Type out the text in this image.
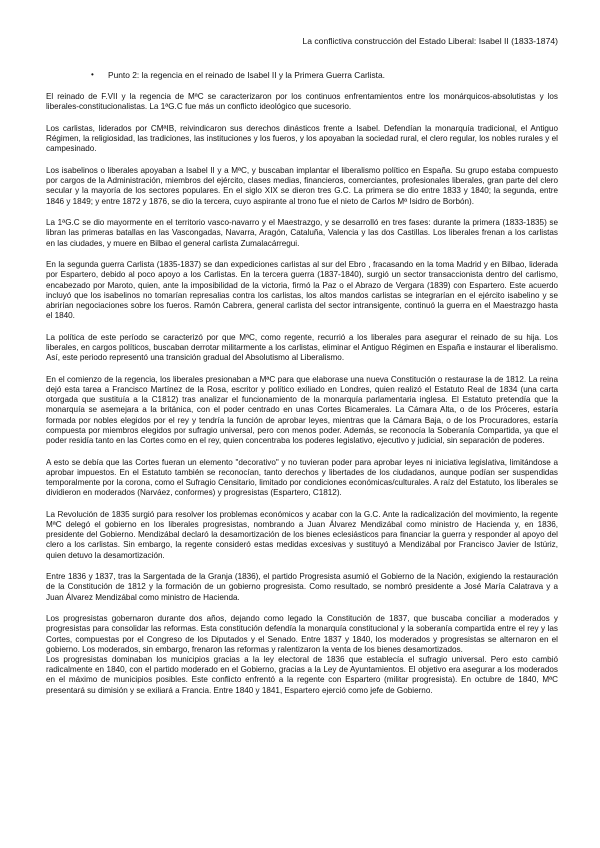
La conflictiva construcción del Estado Liberal: Isabel II (1833-1874)
•	Punto 2: la regencia en el reinado de Isabel II y la Primera Guerra Carlista.

El reinado de F.VII y la regencia de MªC se caracterizaron por los continuos enfrentamientos entre los monárquicos-absolutistas y los liberales-constitucionalistas. La 1ªG.C fue más un conflicto ideológico que sucesorio.

Los carlistas, liderados por CMªIB, reivindicaron sus derechos dinásticos frente a Isabel. Defendían la monarquía tradicional, el Antiguo Régimen, la religiosidad, las tradiciones, las instituciones y los fueros, y los apoyaban la sociedad rural, el clero regular, los nobles rurales y el campesinado.

Los isabelinos o liberales apoyaban a Isabel II y a MªC, y buscaban implantar el liberalismo político en España. Su grupo estaba compuesto por cargos de la Administración, miembros del ejército, clases medias, financieros, comerciantes, profesionales liberales, gran parte del clero secular y la mayoría de los sectores populares. En el siglo XIX se dieron tres G.C. La primera se dio entre 1833 y 1840; la segunda, entre 1846 y 1849; y entre 1872 y 1876, se dio la tercera, cuyo aspirante al trono fue el nieto de Carlos Mª Isidro de Borbón).

La 1ªG.C se dio mayormente en el territorio vasco-navarro y el Maestrazgo, y se desarrolló en tres fases: durante la primera (1833-1835) se libran las primeras batallas en las Vascongadas, Navarra, Aragón, Cataluña, Valencia y las dos Castillas. Los liberales frenan a los carlistas en las ciudades, y muere en Bilbao el general carlista Zumalacárregui.

En la segunda guerra Carlista (1835-1837) se dan expediciones carlistas al sur del Ebro , fracasando en la toma Madrid y en Bilbao, liderada por Espartero, debido al poco apoyo a los Carlistas. En la tercera guerra (1837-1840), surgió un sector transaccionista dentro del carlismo, encabezado por Maroto, quien, ante la imposibilidad de la victoria, firmó la Paz o el Abrazo de Vergara (1839) con Espartero. Este acuerdo incluyó que los isabelinos no tomarían represalias contra los carlistas, los altos mandos carlistas se integrarían en el ejército isabelino y se abrirían negociaciones sobre los fueros. Ramón Cabrera, general carlista del sector intransigente, continuó la guerra en el Maestrazgo hasta el 1840.

La política de este período se caracterizó por que MªC, como regente, recurrió a los liberales para asegurar el reinado de su hija. Los liberales, en cargos políticos, buscaban derrotar militarmente a los carlistas, eliminar el Antiguo Régimen en España e instaurar el liberalismo. Así, este periodo representó una transición gradual del Absolutismo al Liberalismo.

En el comienzo de la regencia, los liberales presionaban a MªC para que elaborase una nueva Constitución o restaurase la de 1812. La reina dejó esta tarea a Francisco Martínez de la Rosa, escritor y político exiliado en Londres, quien realizó el Estatuto Real de 1834 (una carta otorgada que sustituía a la C1812) tras analizar el funcionamiento de la monarquía parlamentaria inglesa. El Estatuto pretendía que la monarquía se asemejara a la británica, con el poder centrado en unas Cortes Bicamerales. La Cámara Alta, o de los Próceres, estaría formada por nobles elegidos por el rey y tendría la función de aprobar leyes, mientras que la Cámara Baja, o de los Procuradores, estaría compuesta por miembros elegidos por sufragio universal, pero con menos poder. Además, se reconocía la Soberanía Compartida, ya que el poder residía tanto en las Cortes como en el rey, quien concentraba los poderes legislativo, ejecutivo y judicial, sin separación de poderes.

A esto se debía que las Cortes fueran un elemento "decorativo" y no tuvieran poder para aprobar leyes ni iniciativa legislativa, limitándose a aprobar impuestos. En el Estatuto también se reconocían, tanto derechos y libertades de los ciudadanos, aunque podían ser suspendidas temporalmente por la corona, como el Sufragio Censitario, limitado por condiciones económicas/culturales. A raíz del Estatuto, los liberales se dividieron en moderados (Narváez, conformes) y progresistas (Espartero, C1812).

La Revolución de 1835 surgió para resolver los problemas económicos y acabar con la G.C. Ante la radicalización del movimiento, la regente MªC delegó el gobierno en los liberales progresistas, nombrando a Juan Álvarez Mendizábal como ministro de Hacienda y, en 1836, presidente del Gobierno. Mendizábal declaró la desamortización de los bienes eclesiásticos para financiar la guerra y responder al apoyo del clero a los carlistas. Sin embargo, la regente consideró estas medidas excesivas y sustituyó a Mendizábal por Francisco Javier de Istúriz, quien detuvo la desamortización.

Entre 1836 y 1837, tras la Sargentada de la Granja (1836), el partido Progresista asumió el Gobierno de la Nación, exigiendo la restauración de la Constitución de 1812 y la formación de un gobierno progresista. Como resultado, se nombró presidente a José María Calatrava y a Juan Álvarez Mendizábal como ministro de Hacienda.

Los progresistas gobernaron durante dos años, dejando como legado la Constitución de 1837, que buscaba conciliar a moderados y progresistas para consolidar las reformas. Esta constitución defendía la monarquía constitucional y la soberanía compartida entre el rey y las Cortes, compuestas por el Congreso de los Diputados y el Senado. Entre 1837 y 1840, los moderados y progresistas se alternaron en el gobierno. Los moderados, sin embargo, frenaron las reformas y ralentizaron la venta de los bienes desamortizados.

Los progresistas dominaban los municipios gracias a la ley electoral de 1836 que establecía el sufragio universal. Pero esto cambió radicalmente en 1840, con el partido moderado en el Gobierno, gracias a la Ley de Ayuntamientos. El objetivo era asegurar a los moderados en el máximo de municipios posibles. Este conflicto enfrentó a la regente con Espartero (militar progresista). En octubre de 1840, MªC presentará su dimisión y se exiliará a Francia. Entre 1840 y 1841, Espartero ejerció como jefe de Gobierno.
